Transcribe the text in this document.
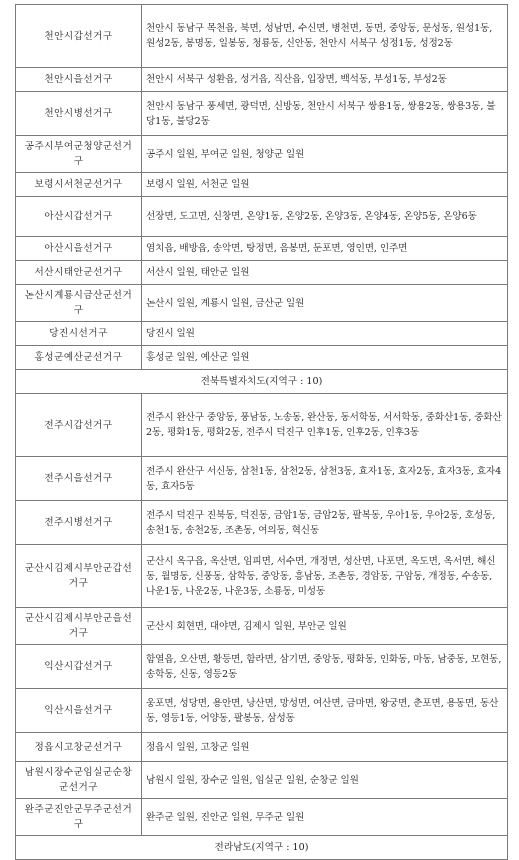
천안시갑선거구	천안시 동남구 목천읍, 북면, 성남면, 수신면, 병천면, 동면, 중앙동, 문성동, 원성1동, 원성2동, 봉명동, 일봉동, 청룡동, 신안동, 천안시 서북구 성정1동, 성정2동
천안시을선거구	천안시 서북구 성환읍, 성거읍, 직산읍, 입장면, 백석동, 부성1동, 부성2동
천안시병선거구	천안시 동남구 풍세면, 광덕면, 신방동, 천안시 서북구 쌍용1동, 쌍용2동, 쌍용3동, 불당1동, 불당2동
공주시부여군청양군선거구	공주시 일원, 부여군 일원, 청양군 일원
보령시서천군선거구	보령시 일원, 서천군 일원
아산시갑선거구	선장면, 도고면, 신창면, 온양1동, 온양2동, 온양3동, 온양4동, 온양5동, 온양6동
아산시을선거구	염치읍, 배방읍, 송악면, 탕정면, 음봉면, 둔포면, 영인면, 인주면
서산시태안군선거구	서산시 일원, 태안군 일원
논산시계룡시금산군선거구	논산시 일원, 계룡시 일원, 금산군 일원
당진시선거구	당진시 일원
홍성군예산군선거구	홍성군 일원, 예산군 일원
전북특별자치도(지역구 : 10)	
전주시갑선거구	전주시 완산구 중앙동, 풍남동, 노송동, 완산동, 동서학동, 서서학동, 중화산1동, 중화산2동, 평화1동, 평화2동, 전주시 덕진구 인후1동, 인후2동, 인후3동
전주시을선거구	전주시 완산구 서신동, 삼천1동, 삼천2동, 삼천3동, 효자1동, 효자2동, 효자3동, 효자4동, 효자5동
전주시병선거구	전주시 덕진구 진북동, 덕진동, 금암1동, 금암2동, 팔복동, 우아1동, 우아2동, 호성동, 송천1동, 송천2동, 조촌동, 여의동, 혁신동
군산시김제시부안군갑선거구	군산시 옥구읍, 옥산면, 임피면, 서수면, 개정면, 성산면, 나포면, 옥도면, 옥서면, 해신동, 월명동, 신풍동, 삼학동, 중앙동, 흥남동, 조촌동, 경암동, 구암동, 개정동, 수송동, 나운1동, 나운2동, 나운3동, 소룡동, 미성동
군산시김제시부안군을선거구	군산시 회현면, 대야면, 김제시 일원, 부안군 일원
익산시갑선거구	함열읍, 오산면, 황등면, 함라면, 삼기면, 중앙동, 평화동, 인화동, 마동, 남중동, 모현동, 송학동, 신동, 영등2동
익산시을선거구	웅포면, 성당면, 용안면, 낭산면, 망성면, 여산면, 금마면, 왕궁면, 춘포면, 용동면, 동산동, 영등1동, 어양동, 팔봉동, 삼성동
정읍시고창군선거구	정읍시 일원, 고창군 일원
남원시장수군임실군순창군선거구	남원시 일원, 장수군 일원, 임실군 일원, 순창군 일원
완주군진안군무주군선거구	완주군 일원, 진안군 일원, 무주군 일원
전라남도(지역구 : 10)	
